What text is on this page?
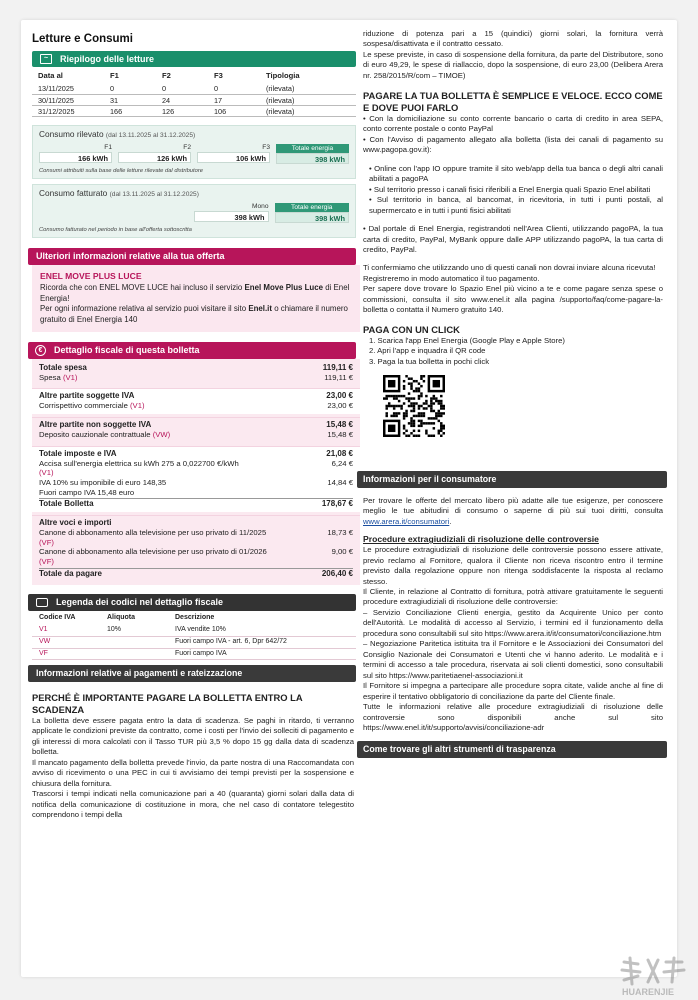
Letture e Consumi
~	Riepilogo delle letture
Data al	F1	F2	F3	Tipologia
13/11/2025	0	0	0	(rilevata)
30/11/2025	31	24	17	(rilevata)
31/12/2025	166	126	106	(rilevata)
Consumo rilevato (dal 13.11.2025 al 31.12.2025)
F1
166 kWh
F2
126 kWh
F3
106 kWh
Totale energia
398 kWh
Consumi attribuiti sulla base delle letture rilevate dal distributore
Consumo fatturato (dal 13.11.2025 al 31.12.2025)
Mono
398 kWh
Totale energia
398 kWh
Consumo fatturato nel periodo in base all'offerta sottoscritta
Ulteriori informazioni relative alla tua offerta
ENEL MOVE PLUS LUCE

Ricorda che con ENEL MOVE LUCE hai incluso il servizio Enel Move Plus Luce di Enel Energia!

Per ogni informazione relativa al servizio puoi visitare il sito Enel.it o chiamare il numero gratuito di Enel Energia 140

€	Dettaglio fiscale di questa bolletta
Totale spesa	119,11 €
Spesa (V1)	119,11 €
Altre partite soggette IVA	23,00 €
Corrispettivo commerciale (V1)	23,00 €
Altre partite non soggette IVA	15,48 €
Deposito cauzionale contrattuale (VW)	15,48 €
Totale imposte e IVA	21,08 €
Accisa sull'energia elettrica su kWh 275 a 0,022700 €/kWh (V1)
6,24 €
IVA 10% su imponibile di euro 148,35	14,84 €
Fuori campo IVA 15,48 euro
Totale Bolletta	178,67 €
Altre voci e importi
Canone di abbonamento alla televisione per uso privato di 11/2025 (VF)
18,73 €
Canone di abbonamento alla televisione per uso privato di 01/2026 (VF)
9,00 €
Totale da pagare	206,40 €
Legenda dei codici nel dettaglio fiscale
Codice IVA	Aliquota	Descrizione
V1	10%	IVA vendite 10%
VW		Fuori campo IVA - art. 6, Dpr 642/72
VF		Fuori campo IVA
Informazioni relative ai pagamenti e rateizzazione
PERCHÉ È IMPORTANTE PAGARE LA BOLLETTA ENTRO LA SCADENZA

La bolletta deve essere pagata entro la data di scadenza. Se paghi in ritardo, ti verranno applicate le condizioni previste da contratto, come i costi per l'invio dei solleciti di pagamento e gli interessi di mora calcolati con il Tasso TUR più 3,5 % dopo 15 gg dalla data di scadenza bolletta.

Il mancato pagamento della bolletta prevede l'invio, da parte nostra di una Raccomandata con avviso di ricevimento o una PEC in cui ti avvisiamo dei tempi previsti per la sospensione e chiusura della fornitura.

Trascorsi i tempi indicati nella comunicazione pari a 40 (quaranta) giorni solari dalla data di notifica della comunicazione di costituzione in mora, che nel caso di contatore telegestito comprendono i tempi della

riduzione di potenza pari a 15 (quindici) giorni solari, la fornitura verrà sospesa/disattivata e il contratto cessato.

Le spese previste, in caso di sospensione della fornitura, da parte del Distributore, sono di euro 49,29, le spese di riallaccio, dopo la sospensione, di euro 23,00 (Delibera Arera nr. 258/2015/R/com – TIMOE)

PAGARE LA TUA BOLLETTA È SEMPLICE E VELOCE. ECCO COME E DOVE PUOI FARLO

• Con la domiciliazione su conto corrente bancario o carta di credito in area SEPA, conto corrente postale o conto PayPal

• Con l'Avviso di pagamento allegato alla bolletta (lista dei canali di pagamento su www.pagopa.gov.it):

• Online con l'app IO oppure tramite il sito web/app della tua banca o degli altri canali abilitati a pagoPA

• Sul territorio presso i canali fisici riferibili a Enel Energia quali Spazio Enel abilitati

• Sul territorio in banca, al bancomat, in ricevitoria, in tutti i punti postali, al supermercato e in tutti i punti fisici abilitati

• Dal portale di Enel Energia, registrandoti nell'Area Clienti, utilizzando pagoPA, la tua carta di credito, PayPal, MyBank oppure dalle APP utilizzando pagoPA, la tua carta di credito, PayPal.

Ti confermiamo che utilizzando uno di questi canali non dovrai inviare alcuna ricevuta!

Registreremo in modo automatico il tuo pagamento.

Per sapere dove trovare lo Spazio Enel più vicino a te e come pagare senza spese o commissioni, consulta il sito www.enel.it alla pagina /supporto/faq/come-pagare-la-bolletta o contatta il Numero gratuito 140.

PAGA CON UN CLICK

1. Scarica l'app Enel Energia (Google Play e Apple Store)

2. Apri l'app e inquadra il QR code

3. Paga la tua bolletta in pochi click

Informazioni per il consumatore

Per trovare le offerte del mercato libero più adatte alle tue esigenze, per conoscere meglio le tue abitudini di consumo o saperne di più sui tuoi diritti, consulta www.arera.it/consumatori.

Procedure extragiudiziali di risoluzione delle controversie

Le procedure extragiudiziali di risoluzione delle controversie possono essere attivate, previo reclamo al Fornitore, qualora il Cliente non riceva riscontro entro il termine previsto dalla regolazione oppure non ritenga soddisfacente la risposta al reclamo stesso.

Il Cliente, in relazione al Contratto di fornitura, potrà attivare gratuitamente le seguenti procedure extragiudiziali di risoluzione delle controversie:

– Servizio Conciliazione Clienti energia, gestito da Acquirente Unico per conto dell'Autorità. Le modalità di accesso al Servizio, i termini ed il funzionamento della procedura sono consultabili sul sito https://www.arera.it/it/consumatori/conciliazione.htm

– Negoziazione Paritetica istituita tra il Fornitore e le Associazioni dei Consumatori del Consiglio Nazionale dei Consumatori e Utenti che vi hanno aderito. Le modalità e i termini di accesso a tale procedura, riservata ai soli clienti domestici, sono consultabili sul sito https://www.paritetiaenel-associazioni.it

Il Fornitore si impegna a partecipare alle procedure sopra citate, valide anche al fine di esperire il tentativo obbligatorio di conciliazione da parte del Cliente finale.

Tutte le informazioni relative alle procedure extragiudiziali di risoluzione delle controversie sono disponibili anche sul sito https://www.enel.it/it/supporto/avvisi/conciliazione-adr

Come trovare gli altri strumenti di trasparenza
HUARENJIE
